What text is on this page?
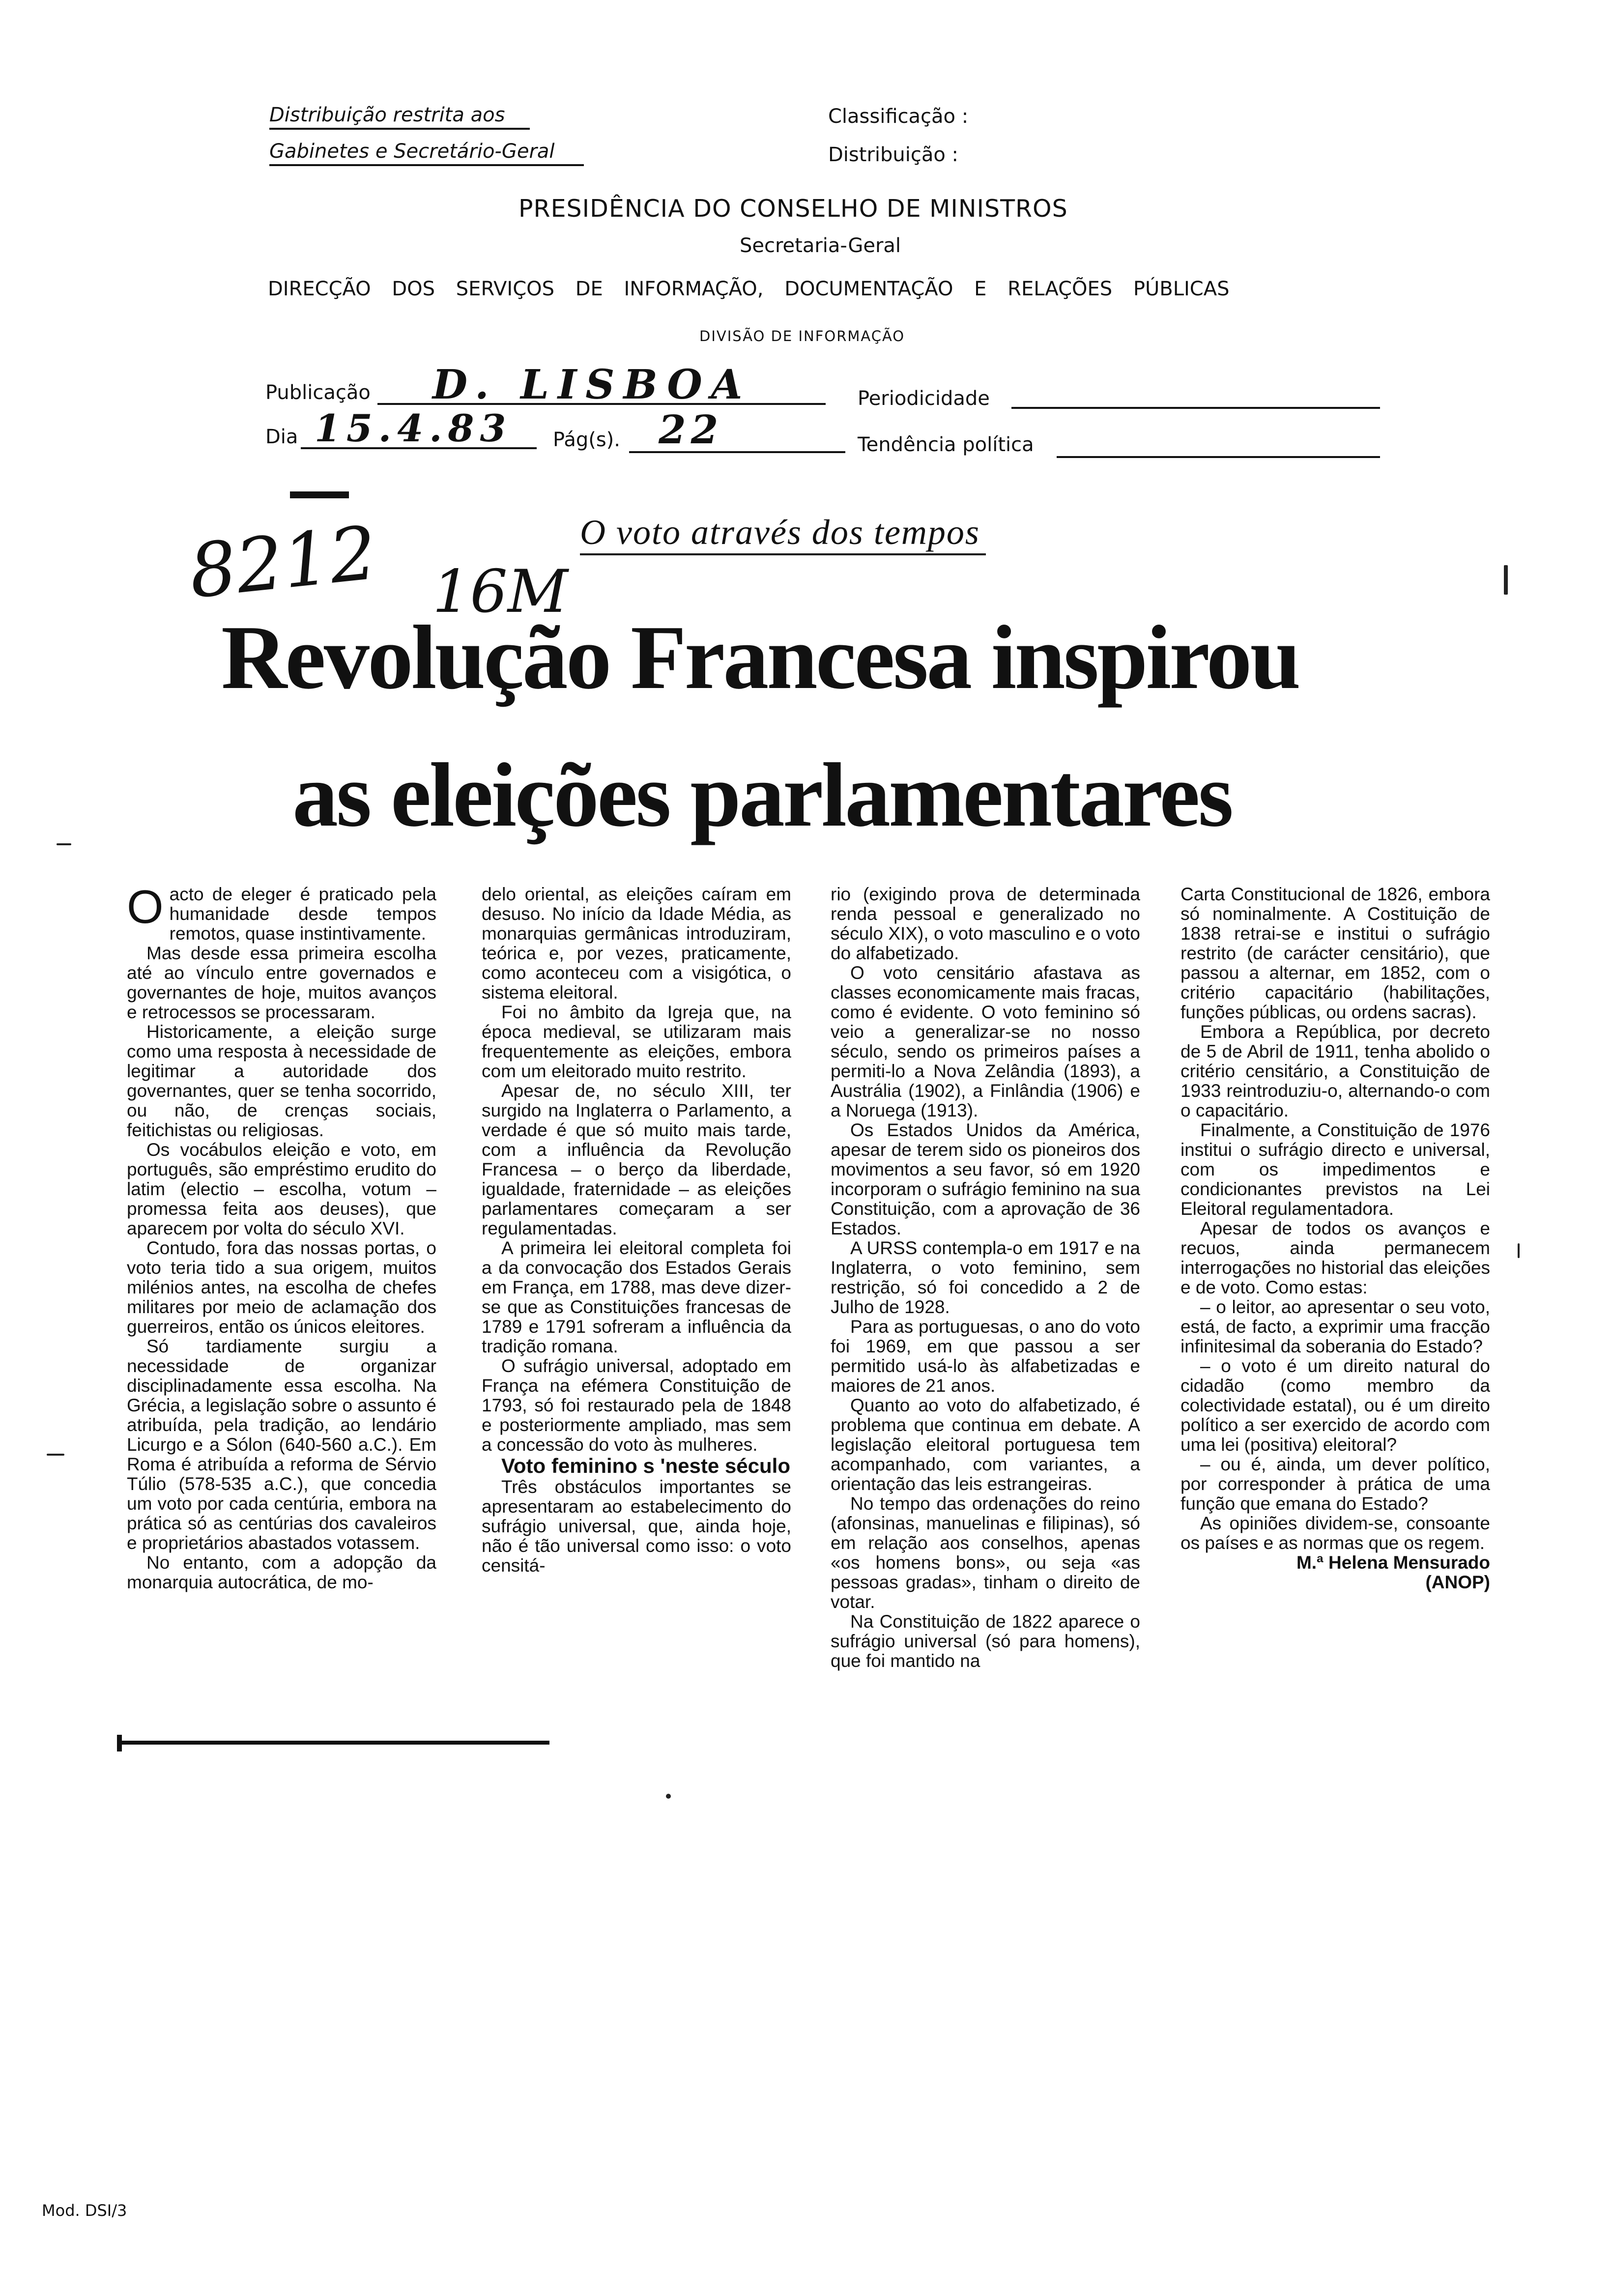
Distribuição restrita aos
Gabinetes e Secretário-Geral
Classificação :
Distribuição :
PRESIDÊNCIA DO CONSELHO DE MINISTROS
Secretaria-Geral
DIRECÇÃO DOS SERVIÇOS DE INFORMAÇÃO, DOCUMENTAÇÃO E RELAÇÕES PÚBLICAS
DIVISÃO DE INFORMAÇÃO
Publicação D. LISBOA	Periodicidade
Dia 15.4.83 Pág(s). 22	Tendência política
O voto através dos tempos
8212 16M
Revolução Francesa inspirou
as eleições parlamentares
O acto de eleger é praticado pela humanidade desde tempos remotos, quase instintivamente.

Mas desde essa primeira escolha até ao vínculo entre governados e governantes de hoje, muitos avanços e retrocessos se processaram.

Historicamente, a eleição surge como uma resposta à necessidade de legitimar a autoridade dos governantes, quer se tenha socorrido, ou não, de crenças sociais, feitichistas ou religiosas.

Os vocábulos eleição e voto, em português, são empréstimo erudito do latim (electio – escolha, votum – promessa feita aos deuses), que aparecem por volta do século XVI.

Contudo, fora das nossas portas, o voto teria tido a sua origem, muitos milénios antes, na escolha de chefes militares por meio de aclamação dos guerreiros, então os únicos eleitores.

Só tardiamente surgiu a necessidade de organizar disciplinadamente essa escolha. Na Grécia, a legislação sobre o assunto é atribuída, pela tradição, ao lendário Licurgo e a Sólon (640-560 a.C.). Em Roma é atribuída a reforma de Sérvio Túlio (578-535 a.C.), que concedia um voto por cada centúria, embora na prática só as centúrias dos cavaleiros e proprietários abastados votassem.

No entanto, com a adopção da monarquia autocrática, de mo-

delo oriental, as eleições caíram em desuso. No início da Idade Média, as monarquias germânicas introduziram, teórica e, por vezes, praticamente, como aconteceu com a visigótica, o sistema eleitoral.

Foi no âmbito da Igreja que, na época medieval, se utilizaram mais frequentemente as eleições, embora com um eleitorado muito restrito.

Apesar de, no século XIII, ter surgido na Inglaterra o Parlamento, a verdade é que só muito mais tarde, com a influência da Revolução Francesa – o berço da liberdade, igualdade, fraternidade – as eleições parlamentares começaram a ser regulamentadas.

A primeira lei eleitoral completa foi a da convocação dos Estados Gerais em França, em 1788, mas deve dizer-se que as Constituições francesas de 1789 e 1791 sofreram a influência da tradição romana.

O sufrágio universal, adoptado em França na efémera Constituição de 1793, só foi restaurado pela de 1848 e posteriormente ampliado, mas sem a concessão do voto às mulheres.

Voto feminino s 'neste século

Três obstáculos importantes se apresentaram ao estabelecimento do sufrágio universal, que, ainda hoje, não é tão universal como isso: o voto censitá-

rio (exigindo prova de determinada renda pessoal e generalizado no século XIX), o voto masculino e o voto do alfabetizado.

O voto censitário afastava as classes economicamente mais fracas, como é evidente. O voto feminino só veio a generalizar-se no nosso século, sendo os primeiros países a permiti-lo a Nova Zelândia (1893), a Austrália (1902), a Finlândia (1906) e a Noruega (1913).

Os Estados Unidos da América, apesar de terem sido os pioneiros dos movimentos a seu favor, só em 1920 incorporam o sufrágio feminino na sua Constituição, com a aprovação de 36 Estados.

A URSS contempla-o em 1917 e na Inglaterra, o voto feminino, sem restrição, só foi concedido a 2 de Julho de 1928.

Para as portuguesas, o ano do voto foi 1969, em que passou a ser permitido usá-lo às alfabetizadas e maiores de 21 anos.

Quanto ao voto do alfabetizado, é problema que continua em debate. A legislação eleitoral portuguesa tem acompanhado, com variantes, a orientação das leis estrangeiras.

No tempo das ordenações do reino (afonsinas, manuelinas e filipinas), só em relação aos conselhos, apenas «os homens bons», ou seja «as pessoas gradas», tinham o direito de votar.

Na Constituição de 1822 aparece o sufrágio universal (só para homens), que foi mantido na

Carta Constitucional de 1826, embora só nominalmente. A Costituição de 1838 retrai-se e institui o sufrágio restrito (de carácter censitário), que passou a alternar, em 1852, com o critério capacitário (habilitações, funções públicas, ou ordens sacras).

Embora a República, por decreto de 5 de Abril de 1911, tenha abolido o critério censitário, a Constituição de 1933 reintroduziu-o, alternando-o com o capacitário.

Finalmente, a Constituição de 1976 institui o sufrágio directo e universal, com os impedimentos e condicionantes previstos na Lei Eleitoral regulamentadora.

Apesar de todos os avanços e recuos, ainda permanecem interrogações no historial das eleições e de voto. Como estas:

– o leitor, ao apresentar o seu voto, está, de facto, a exprimir uma fracção infinitesimal da soberania do Estado?

– o voto é um direito natural do cidadão (como membro da colectividade estatal), ou é um direito político a ser exercido de acordo com uma lei (positiva) eleitoral?

– ou é, ainda, um dever político, por corresponder à prática de uma função que emana do Estado?

As opiniões dividem-se, consoante os países e as normas que os regem.

M.ª Helena Mensurado

(ANOP)

Mod. DSI/3
